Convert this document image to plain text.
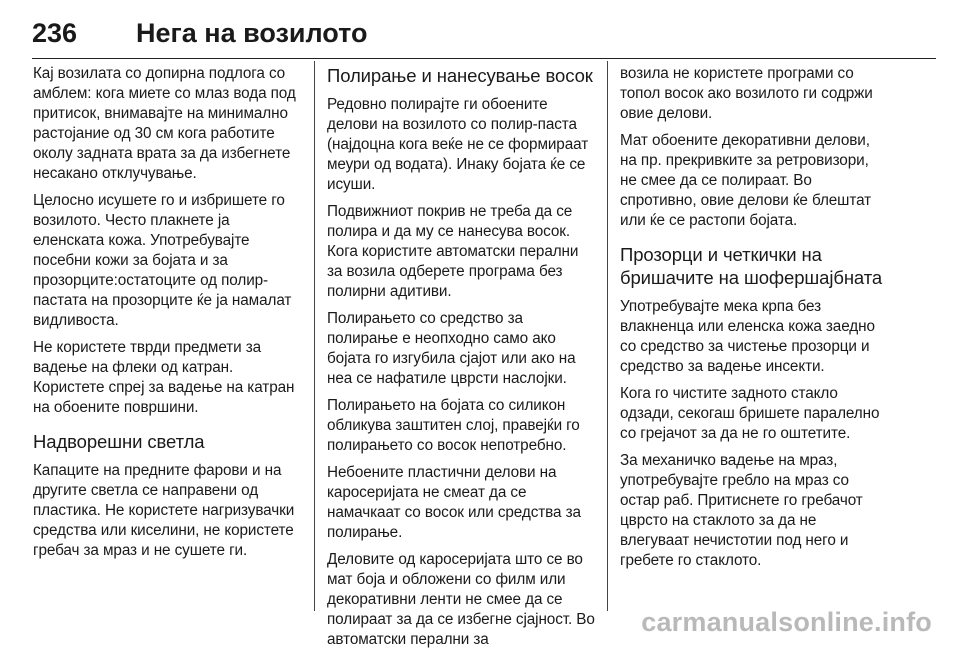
236 Нега на возилото

Кај возилата со допирна подлога со амблем: кога миете со млаз вода под притисок, внимавајте на минимално растојание од 30 см кога работите околу задната врата за да избегнете несакано отклучување.

Целосно исушете го и избришете го возилото. Често плакнете ја еленската кожа. Употребувајте посебни кожи за бојата и за прозорците:остатоците од полир-пастата на прозорците ќе ја намалат видливоста.

Не користете тврди предмети за вадење на флеки од катран. Користете спреј за вадење на катран на обоените површини.

Надворешни светла

Капаците на предните фарови и на другите светла се направени од пластика. Не користете нагризувачки средства или киселини, не користете гребач за мраз и не сушете ги.

Полирање и нанесување восок

Редовно полирајте ги обоените делови на возилото со полир-паста (најдоцна кога веќе не се формираат меури од водата). Инаку бојата ќе се исуши.

Подвижниот покрив не треба да се полира и да му се нанесува восок. Кога користите автоматски перални за возила одберете програма без полирни адитиви.

Полирањето со средство за полирање е неопходно само ако бојата го изгубила сјајот или ако на неа се нафатиле цврсти наслојки.

Полирањето на бојата со силикон обликува заштитен слој, правејќи го полирањето со восок непотребно.

Небоените пластични делови на каросеријата не смеат да се намачкаат со восок или средства за полирање.

Деловите од каросеријата што се во мат боја и обложени со филм или декоративни ленти не смее да се полираат за да се избегне сјајност. Во автоматски перални за

возила не користете програми со топол восок ако возилото ги содржи овие делови.

Мат обоените декоративни делови, на пр. прекривките за ретровизори, не смее да се полираат. Во спротивно, овие делови ќе блештат или ќе се растопи бојата.

Прозорци и четкички на бришачите на шофершајбната

Употребувајте мека крпа без влакненца или еленска кожа заедно со средство за чистење прозорци и средство за вадење инсекти.

Кога го чистите задното стакло одзади, секогаш бришете паралелно со грејачот за да не го оштетите.

За механичко вадење на мраз, употребувајте гребло на мраз со остар раб. Притиснете го гребачот цврсто на стаклото за да не влегуваат нечистотии под него и гребете го стаклото.

carmanualsonline.info
